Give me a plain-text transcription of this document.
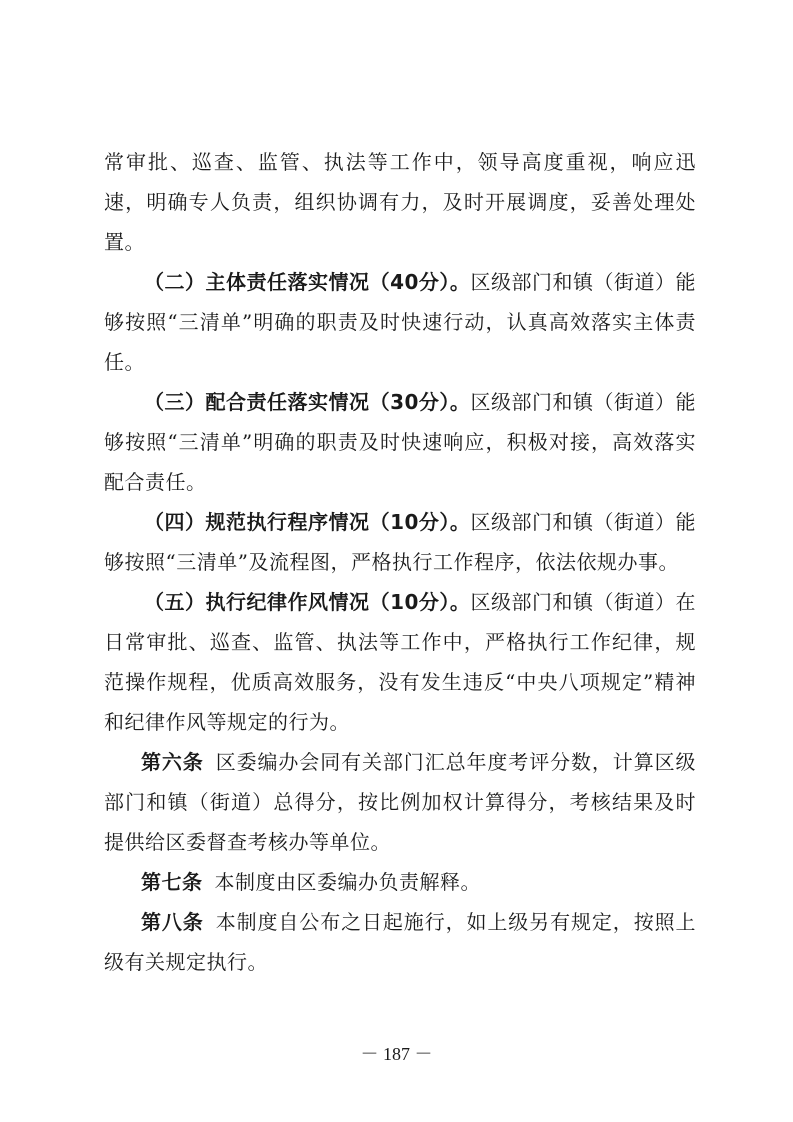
常审批、巡查、监管、执法等工作中，领导高度重视，响应迅速，明确专人负责，组织协调有力，及时开展调度，妥善处理处置。

（二）主体责任落实情况（40分）。区级部门和镇（街道）能够按照“三清单”明确的职责及时快速行动，认真高效落实主体责任。

（三）配合责任落实情况（30分）。区级部门和镇（街道）能够按照“三清单”明确的职责及时快速响应，积极对接，高效落实配合责任。

（四）规范执行程序情况（10分）。区级部门和镇（街道）能够按照“三清单”及流程图，严格执行工作程序，依法依规办事。

（五）执行纪律作风情况（10分）。区级部门和镇（街道）在日常审批、巡查、监管、执法等工作中，严格执行工作纪律，规范操作规程，优质高效服务，没有发生违反“中央八项规定”精神和纪律作风等规定的行为。

第六条 区委编办会同有关部门汇总年度考评分数，计算区级部门和镇（街道）总得分，按比例加权计算得分，考核结果及时提供给区委督查考核办等单位。

第七条 本制度由区委编办负责解释。

第八条 本制度自公布之日起施行，如上级另有规定，按照上级有关规定执行。

－ 187 －
